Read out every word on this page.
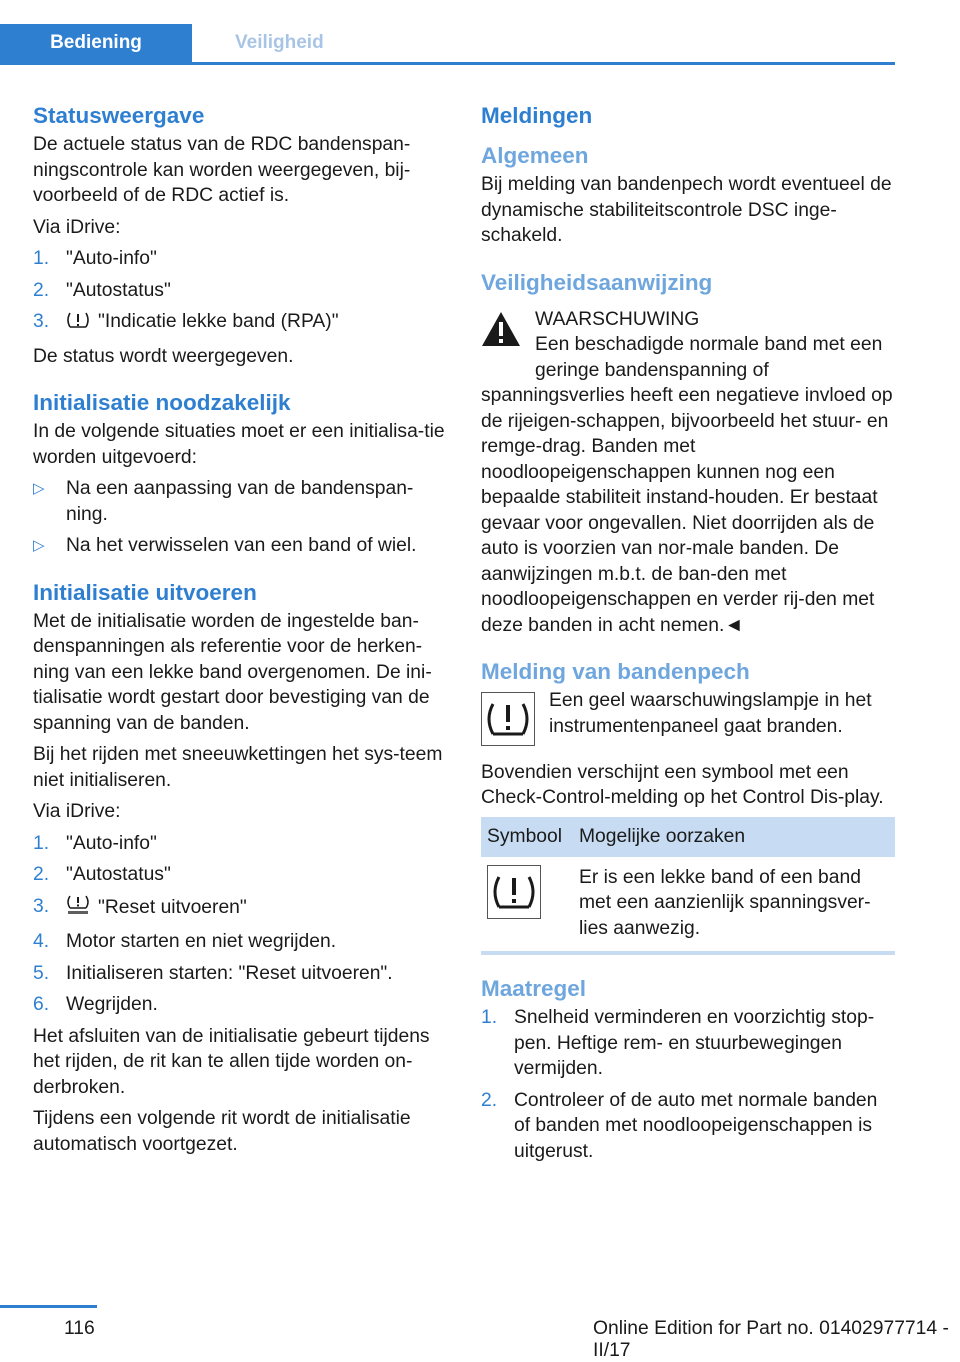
Bediening	Veiligheid
Statusweergave

De actuele status van de RDC bandenspan-ningscontrole kan worden weergegeven, bij-voorbeeld of de RDC actief is.

Via iDrive:

1. "Auto-info"
2. "Autostatus"
3.	"Indicatie lekke band (RPA)"

De status wordt weergegeven.

Initialisatie noodzakelijk

In de volgende situaties moet er een initialisa-tie worden uitgevoerd:

▷ Na een aanpassing van de bandenspan-ning.
▷ Na het verwisselen van een band of wiel.
Initialisatie uitvoeren

Met de initialisatie worden de ingestelde ban-denspanningen als referentie voor de herken-ning van een lekke band overgenomen. De ini-tialisatie wordt gestart door bevestiging van de spanning van de banden.

Bij het rijden met sneeuwkettingen het sys-teem niet initialiseren.

Via iDrive:

1. "Auto-info"
2. "Autostatus"
3.	"Reset uitvoeren"
4. Motor starten en niet wegrijden.
5. Initialiseren starten: "Reset uitvoeren".
6. Wegrijden.

Het afsluiten van de initialisatie gebeurt tijdens het rijden, de rit kan te allen tijde worden on-derbroken.

Tijdens een volgende rit wordt de initialisatie automatisch voortgezet.

Meldingen
Algemeen

Bij melding van bandenpech wordt eventueel de dynamische stabiliteitscontrole DSC inge-schakeld.

Veiligheidsaanwijzing
WAARSCHUWING

Een beschadigde normale band met een geringe bandenspanning of spanningsverlies heeft een negatieve invloed op de rijeigen-schappen, bijvoorbeeld het stuur- en remge-drag. Banden met noodloopeigenschappen kunnen nog een bepaalde stabiliteit instand-houden. Er bestaat gevaar voor ongevallen. Niet doorrijden als de auto is voorzien van nor-male banden. De aanwijzingen m.b.t. de ban-den met noodloopeigenschappen en verder rij-den met deze banden in acht nemen.◄

Melding van bandenpech

Een geel waarschuwingslampje in het instrumentenpaneel gaat branden.

Bovendien verschijnt een symbool met een Check-Control-melding op het Control Dis-play.

Symbool	Mogelijke oorzaken
	Er is een lekke band of een band met een aanzienlijk spanningsver-lies aanwezig.
Maatregel
1. Snelheid verminderen en voorzichtig stop-pen. Heftige rem- en stuurbewegingen vermijden.
2. Controleer of de auto met normale banden of banden met noodloopeigenschappen is uitgerust.
116	Online Edition for Part no. 01402977714 - II/17
